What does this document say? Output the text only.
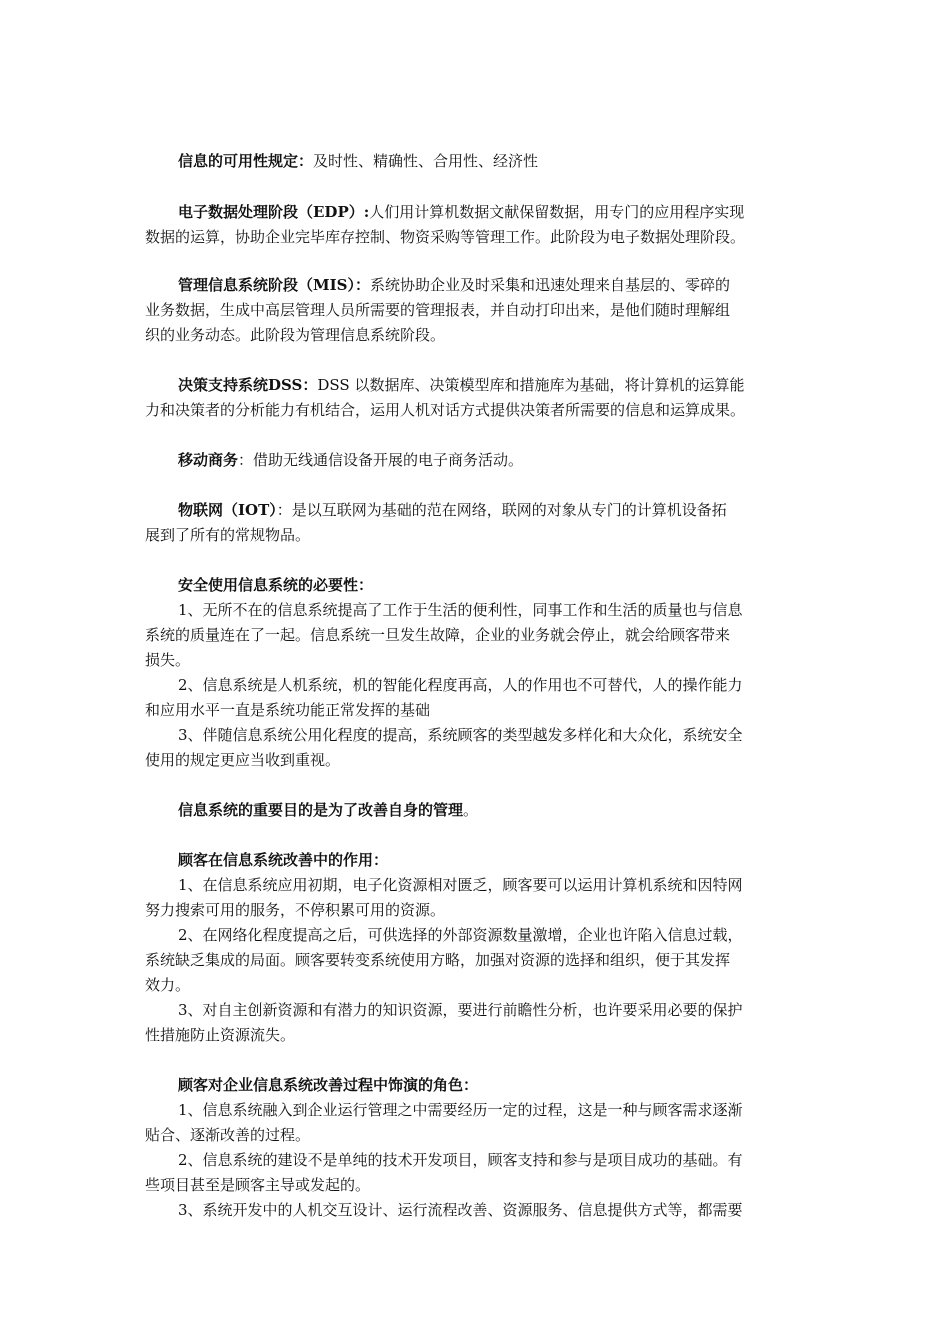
信息的可用性规定：及时性、精确性、合用性、经济性
电子数据处理阶段（EDP）:人们用计算机数据文献保留数据，用专门的应用程序实现
数据的运算，协助企业完毕库存控制、物资采购等管理工作。此阶段为电子数据处理阶段。
管理信息系统阶段（MIS）：系统协助企业及时采集和迅速处理来自基层的、零碎的
业务数据，生成中高层管理人员所需要的管理报表，并自动打印出来，是他们随时理解组
织的业务动态。此阶段为管理信息系统阶段。
决策支持系统DSS：DSS 以数据库、决策模型库和措施库为基础，将计算机的运算能
力和决策者的分析能力有机结合，运用人机对话方式提供决策者所需要的信息和运算成果。
移动商务：借助无线通信设备开展的电子商务活动。
物联网（IOT）：是以互联网为基础的范在网络，联网的对象从专门的计算机设备拓
展到了所有的常规物品。
安全使用信息系统的必要性：
1、无所不在的信息系统提高了工作于生活的便利性，同事工作和生活的质量也与信息
系统的质量连在了一起。信息系统一旦发生故障，企业的业务就会停止，就会给顾客带来
损失。
2、信息系统是人机系统，机的智能化程度再高，人的作用也不可替代，人的操作能力
和应用水平一直是系统功能正常发挥的基础
3、伴随信息系统公用化程度的提高，系统顾客的类型越发多样化和大众化，系统安全
使用的规定更应当收到重视。
信息系统的重要目的是为了改善自身的管理。
顾客在信息系统改善中的作用：
1、在信息系统应用初期，电子化资源相对匮乏，顾客要可以运用计算机系统和因特网
努力搜索可用的服务，不停积累可用的资源。
2、在网络化程度提高之后，可供选择的外部资源数量激增，企业也许陷入信息过载，
系统缺乏集成的局面。顾客要转变系统使用方略，加强对资源的选择和组织，便于其发挥
效力。
3、对自主创新资源和有潜力的知识资源，要进行前瞻性分析，也许要采用必要的保护
性措施防止资源流失。
顾客对企业信息系统改善过程中饰演的角色：
1、信息系统融入到企业运行管理之中需要经历一定的过程，这是一种与顾客需求逐渐
贴合、逐渐改善的过程。
2、信息系统的建设不是单纯的技术开发项目，顾客支持和参与是项目成功的基础。有
些项目甚至是顾客主导或发起的。
3、系统开发中的人机交互设计、运行流程改善、资源服务、信息提供方式等，都需要
